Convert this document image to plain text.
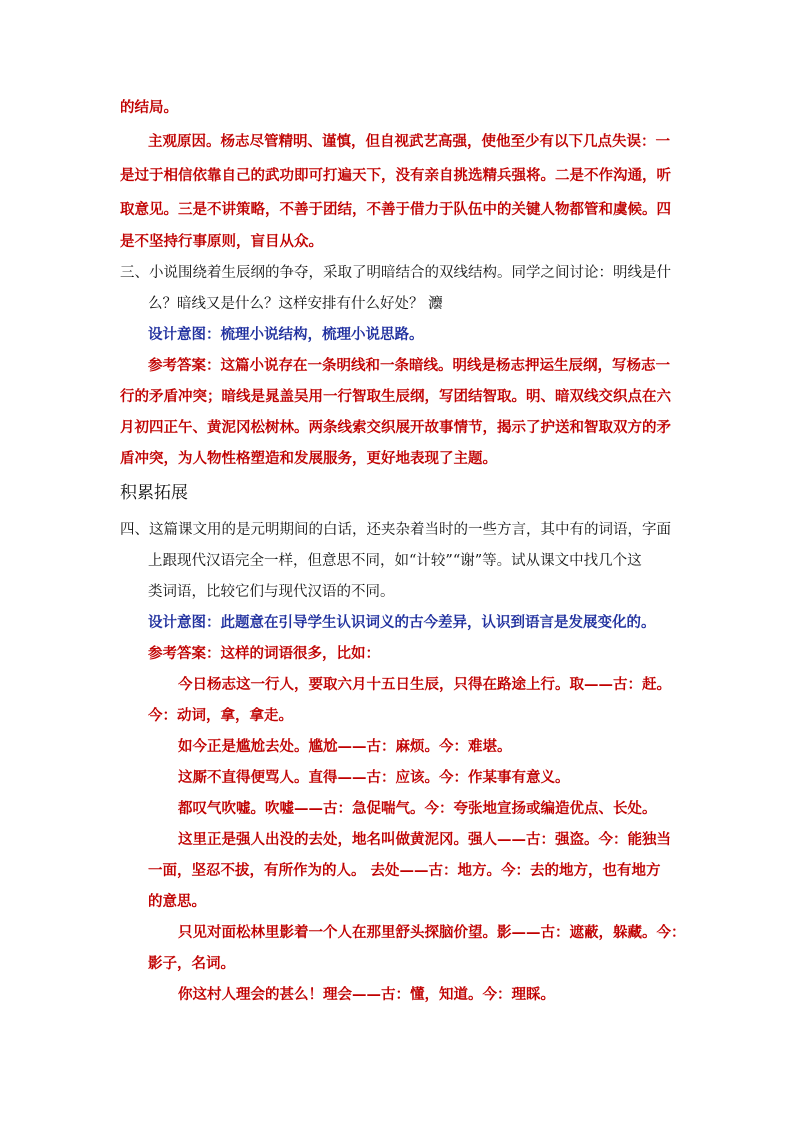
的结局。
主观原因。杨志尽管精明、谨慎，但自视武艺高强，使他至少有以下几点失误：一
是过于相信依靠自己的武功即可打遍天下，没有亲自挑选精兵强将。二是不作沟通，听
取意见。三是不讲策略，不善于团结，不善于借力于队伍中的关键人物都管和虞候。四
是不坚持行事原则，盲目从众。
三、小说围绕着生辰纲的争夺，采取了明暗结合的双线结构。同学之间讨论：明线是什
么？暗线又是什么？这样安排有什么好处？ 灋
设计意图：梳理小说结构，梳理小说思路。
参考答案：这篇小说存在一条明线和一条暗线。明线是杨志押运生辰纲，写杨志一
行的矛盾冲突；暗线是晁盖吴用一行智取生辰纲，写团结智取。明、暗双线交织点在六
月初四正午、黄泥冈松树林。两条线索交织展开故事情节，揭示了护送和智取双方的矛
盾冲突，为人物性格塑造和发展服务，更好地表现了主题。
积累拓展
四、这篇课文用的是元明期间的白话，还夹杂着当时的一些方言，其中有的词语，字面
上跟现代汉语完全一样，但意思不同，如“计较”“谢”等。试从课文中找几个这
类词语，比较它们与现代汉语的不同。
设计意图：此题意在引导学生认识词义的古今差异，认识到语言是发展变化的。
参考答案：这样的词语很多，比如：
今日杨志这一行人，要取六月十五日生辰，只得在路途上行。取——古：赶。
今：动词，拿，拿走。
如今正是尴尬去处。尴尬——古：麻烦。今：难堪。
这厮不直得便骂人。直得——古：应该。今：作某事有意义。
都叹气吹嘘。吹嘘——古：急促喘气。今：夸张地宣扬或编造优点、长处。
这里正是强人出没的去处，地名叫做黄泥冈。强人——古：强盗。今：能独当
一面，坚忍不拔，有所作为的人。 去处——古：地方。今：去的地方，也有地方
的意思。
只见对面松林里影着一个人在那里舒头探脑价望。影——古：遮蔽，躲藏。今：
影子，名词。
你这村人理会的甚么！理会——古：懂，知道。今：理睬。
